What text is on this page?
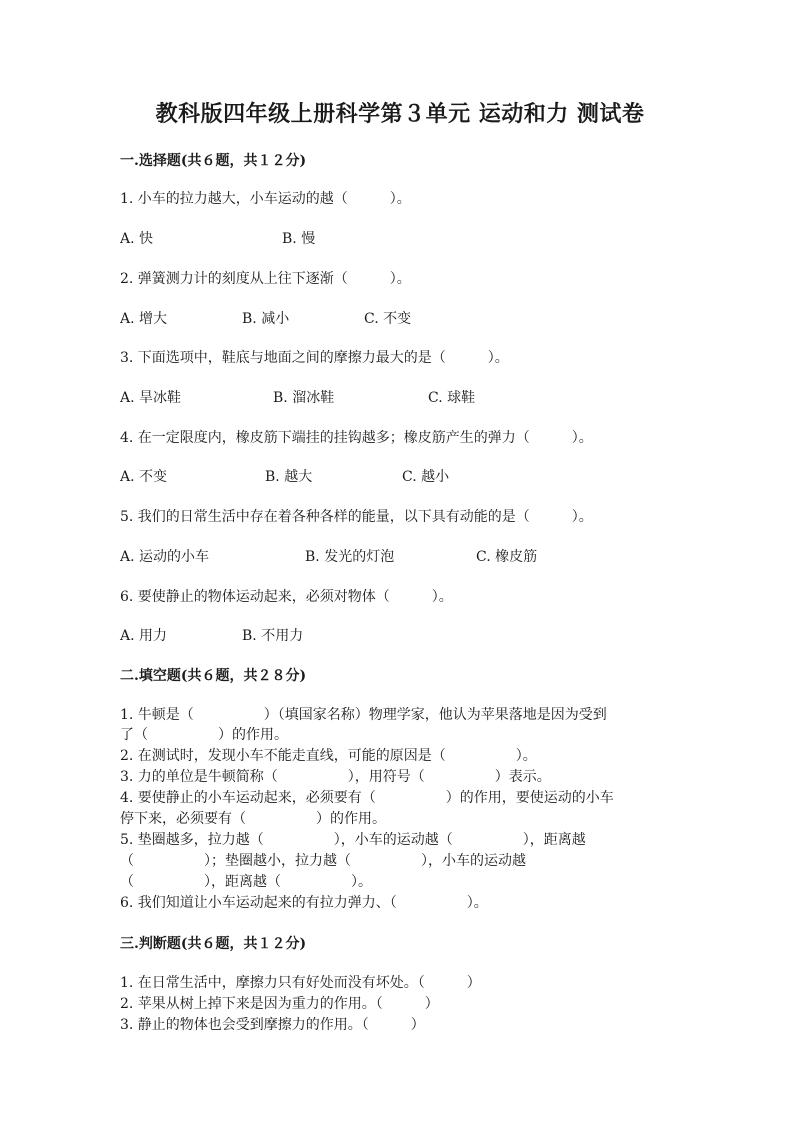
教科版四年级上册科学第３单元 运动和力 测试卷
一.选择题(共６题，共１２分)
1. 小车的拉力越大，小车运动的越（　　　）。
A. 快	B. 慢
2. 弹簧测力计的刻度从上往下逐渐（　　　）。
A. 增大	B. 减小	C. 不变
3. 下面选项中，鞋底与地面之间的摩擦力最大的是（　　　）。
A. 旱冰鞋	B. 溜冰鞋	C. 球鞋
4. 在一定限度内，橡皮筋下端挂的挂钩越多；橡皮筋产生的弹力（　　　）。
A. 不变	B. 越大	C. 越小
5. 我们的日常生活中存在着各种各样的能量，以下具有动能的是（　　　）。
A. 运动的小车	B. 发光的灯泡	C. 橡皮筋
6. 要使静止的物体运动起来，必须对物体（　　　）。
A. 用力	B. 不用力
二.填空题(共６题，共２８分)
1. 牛顿是（　　　　　）（填国家名称）物理学家，他认为苹果落地是因为受到
了（　　　　　）的作用。
2. 在测试时，发现小车不能走直线，可能的原因是（　　　　　）。
3. 力的单位是牛顿简称（　　　　　），用符号（　　　　　）表示。
4. 要使静止的小车运动起来，必须要有（　　　　　）的作用，要使运动的小车
停下来，必须要有（　　　　　）的作用。
5. 垫圈越多，拉力越（　　　　　），小车的运动越（　　　　　），距离越
（　　　　　）；垫圈越小，拉力越（　　　　　），小车的运动越
（　　　　　），距离越（　　　　　）。
6. 我们知道让小车运动起来的有拉力弹力、（　　　　　）。
三.判断题(共６题，共１２分)
1. 在日常生活中，摩擦力只有好处而没有坏处。（　　　）
2. 苹果从树上掉下来是因为重力的作用。（　　　）
3. 静止的物体也会受到摩擦力的作用。（　　　）
